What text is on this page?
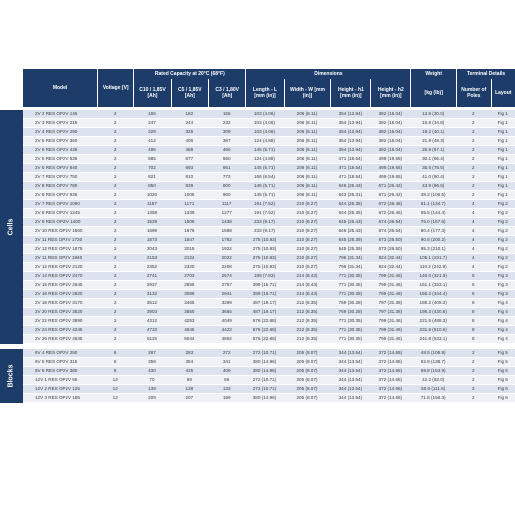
	Model	Voltage [V]	Rated Capacity at 20°C (68°F)			Dimensions				Weight	Terminal Details	
			C10 / 1,85V [Ah]	C5 / 1,85V [Ah]	C3 / 1,80V [Ah]	Length - L [mm (in)]	Width - W [mm (in)]	Height - h1 [mm (in)]	Height - h2 [mm (in)]	[kg (lb)]	Number of Poles	Layout

Cells	2V 2 RES OPzV 145	2	165	162	155	103 (4.06)	206 (8.11)	354 (13.94)	382 (15.04)	13.6 (30.0)	2	Fig 1
	2V 3 RES OPzV 215	2	247	244	232	103 (4.06)	206 (8.11)	354 (13.94)	382 (15.04)	15.8 (34.8)	2	Fig 1
	2V 4 RES OPzV 290	2	329	325	309	103 (4.06)	206 (8.11)	354 (13.94)	382 (15.04)	18.2 (40.1)	2	Fig 1
	2V 5 RES OPzV 360	2	412	406	387	124 (4.88)	206 (8.11)	354 (13.94)	382 (15.04)	21.9 (48.3)	2	Fig 1
	2V 6 RES OPzV 435	2	495	488	465	145 (5.71)	206 (8.11)	354 (13.94)	382 (15.04)	25.9 (57.1)	2	Fig 1
	2V 5 RES OPzV 535	2	585	577	550	124 (4.88)	206 (8.11)	471 (18.54)	499 (19.65)	30.1 (66.4)	2	Fig 1
	2V 6 RES OPzV 640	2	702	693	661	145 (5.71)	206 (8.11)	471 (18.54)	499 (19.65)	35.6 (78.5)	2	Fig 1
	2V 7 RES OPzV 750	2	821	810	773	166 (6.54)	206 (8.11)	471 (18.54)	499 (19.65)	41.0 (90.4)	2	Fig 1
	2V 8 RES OPzV 780	2	850	839	800	145 (5.71)	206 (8.11)	646 (25.43)	671 (26.42)	43.9 (96.8)	2	Fig 1
	2V 9 RES OPzV 935	2	1020	1006	960	145 (5.71)	206 (8.11)	643 (25.31)	671 (26.42)	48.3 (106.5)	2	Fig 1
	2V 7 RES OPzV 1090	2	1187	1171	1117	191 (7.52)	210 (8.27)	644 (25.35)	672 (26.46)	61.1 (134.7)	4	Fig 2
	2V 8 RES OPzV 1245	2	1358	1339	1277	191 (7.52)	210 (8.27)	644 (25.35)	672 (26.46)	65.5 (144.4)	4	Fig 2
	2V 9 RES OPZV 1400	2	1529	1508	1438	233 (9.17)	210 (8.27)	645 (25.43)	674 (26.54)	76.0 (167.6)	4	Fig 2
	2V 10 RES OPzV 1560	2	1699	1676	1598	233 (9.17)	210 (8.27)	646 (25.43)	674 (26.54)	80.4 (177.3)	4	Fig 2
	2V 11 RES OPzV 1720	2	1873	1847	1762	275 (10.83)	210 (8.27)	645 (25.39)	673 (26.50)	90.8 (200.2)	4	Fig 2
	2V 12 RES OPzV 1875	2	2043	2015	1922	275 (10.83)	210 (8.27)	645 (25.39)	673 (26.50)	95.3 (210.1)	4	Fig 2
	2V 11 RES OPzV 1940	2	2153	2124	2022	275 (10.83)	210 (8.27)	796 (31.34)	824 (32.44)	105.1 (231.7)	4	Fig 2
	2V 12 RES OPzV 2120	2	2352	2320	2208	275 (10.83)	210 (8.27)	796 (31.34)	824 (32.44)	110.2 (242.9)	4	Fig 2
	2V 14 RES OPzV 2470	2	2741	2703	2574	199 (7.83)	214 (8.43)	771 (30.35)	799 (31.46)	146.0 (321.9)	6	Fig 3
	2V 15 RES OPzV 2645	2	2937	2896	2757	399 (15.71)	214 (8.43)	771 (30.35)	799 (31.46)	151.1 (333.1)	6	Fig 3
	2V 16 RES OPzV 2820	2	3132	3089	2941	399 (15.71)	214 (8.43)	771 (30.35)	799 (31.46)	156.2 (344.4)	6	Fig 3
	2V 18 RES OPzV 3170	2	3512	3465	3299	487 (19.17)	212 (8.35)	769 (30.28)	797 (31.38)	185.2 (408.3)	8	Fig 4
	2V 20 RES OPzV 3520	2	3903	3850	3665	487 (19.17)	212 (8.35)	769 (30.28)	797 (31.38)	195.3 (430.6)	8	Fig 4
	2V 22 RES OPzV 3890	2	4312	4253	4049	576 (22.68)	212 (8.35)	771 (30.35)	799 (31.46)	221.5 (488.3)	8	Fig 4
	2V 24 RES OPzV 4245	2	4710	4645	4422	576 (22.68)	212 (8.35)	771 (30.35)	799 (31.46)	231.6 (510.6)	8	Fig 4
	2V 26 RES OPzV 4535	2	5115	5044	4802	576 (22.68)	212 (8.35)	771 (30.35)	799 (31.46)	241.8 (533.1)	8	Fig 4

Blocks	6V 4 RES OPzV 250	6	287	283	272	272 (10.71)	205 (8.07)	344 (13.54)	372 (14.65)	48.5 (106.9)	2	Fig 5
	6V 5 RES OPzV 315	6	359	354	341	380 (14.96)	205 (8.07)	344 (13.54)	372 (14.65)	62.9 (138.7)	2	Fig 5
	6V 6 RES OPzV 380	6	430	425	409	380 (14.96)	205 (8.07)	344 (13.54)	372 (14.65)	69.8 (153.9)	2	Fig 5
	12V 1 RES OPzV 65	12	70	69	66	272 (10.71)	205 (8.07)	344 (13.54)	372 (14.65)	42.2 (93.0)	2	Fig 6
	12V 2 RES OPzV 125	12	139	138	133	272 (10.71)	205 (8.07)	344 (13.54)	372 (14.65)	50.6 (111.6)	2	Fig 6
	12V 3 RES OPzV 185	12	209	207	199	380 (14.96)	205 (8.07)	344 (13.54)	372 (14.65)	71.8 (158.3)	2	Fig 6
